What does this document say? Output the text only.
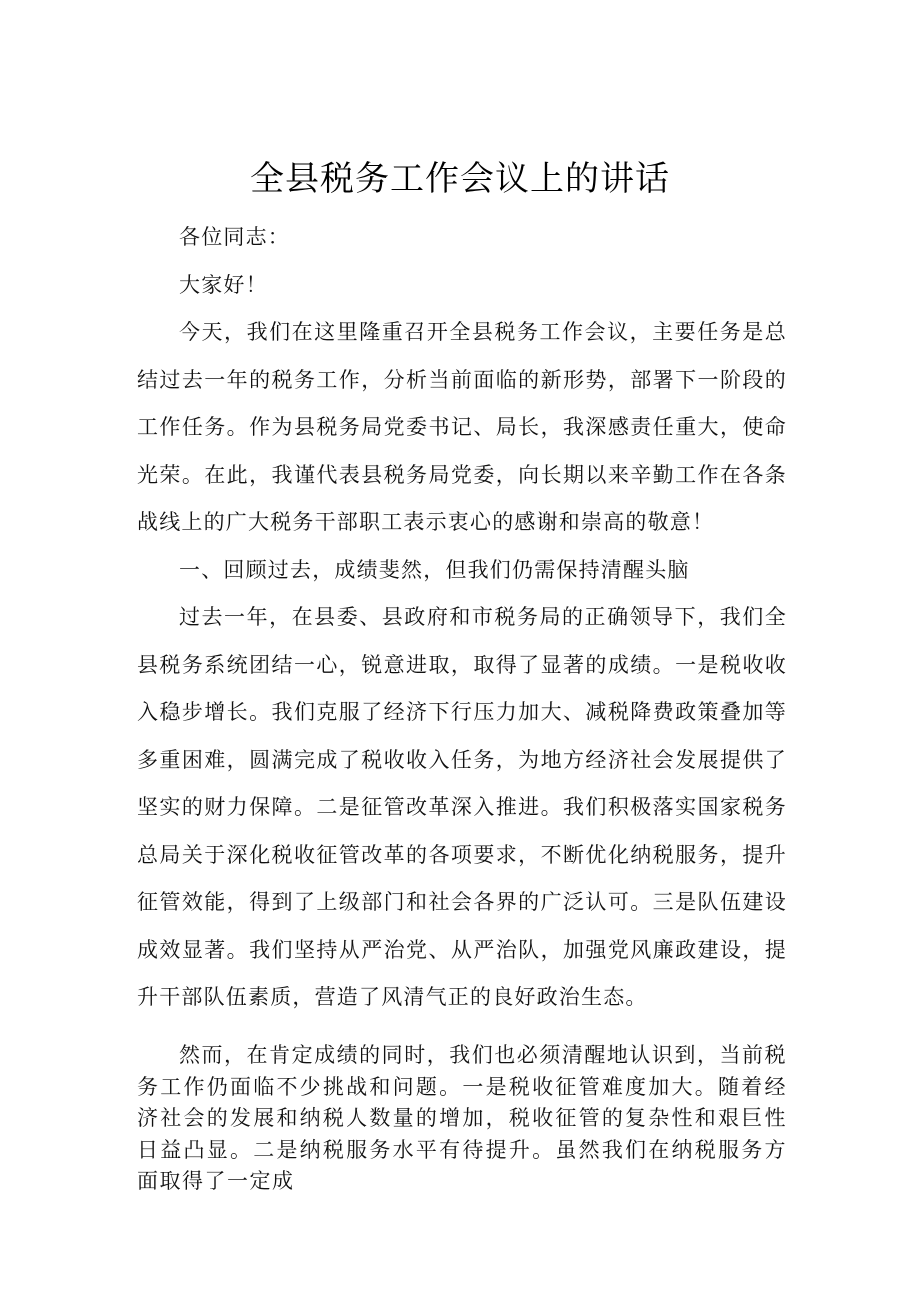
全县税务工作会议上的讲话

各位同志：

大家好！

今天，我们在这里隆重召开全县税务工作会议，主要任务是总结过去一年的税务工作，分析当前面临的新形势，部署下一阶段的工作任务。作为县税务局党委书记、局长，我深感责任重大，使命光荣。在此，我谨代表县税务局党委，向长期以来辛勤工作在各条战线上的广大税务干部职工表示衷心的感谢和崇高的敬意！

一、回顾过去，成绩斐然，但我们仍需保持清醒头脑

过去一年，在县委、县政府和市税务局的正确领导下，我们全县税务系统团结一心，锐意进取，取得了显著的成绩。一是税收收入稳步增长。我们克服了经济下行压力加大、减税降费政策叠加等多重困难，圆满完成了税收收入任务，为地方经济社会发展提供了坚实的财力保障。二是征管改革深入推进。我们积极落实国家税务总局关于深化税收征管改革的各项要求，不断优化纳税服务，提升征管效能，得到了上级部门和社会各界的广泛认可。三是队伍建设成效显著。我们坚持从严治党、从严治队，加强党风廉政建设，提升干部队伍素质，营造了风清气正的良好政治生态。

然而，在肯定成绩的同时，我们也必须清醒地认识到，当前税务工作仍面临不少挑战和问题。一是税收征管难度加大。随着经济社会的发展和纳税人数量的增加，税收征管的复杂性和艰巨性日益凸显。二是纳税服务水平有待提升。虽然我们在纳税服务方面取得了一定成
